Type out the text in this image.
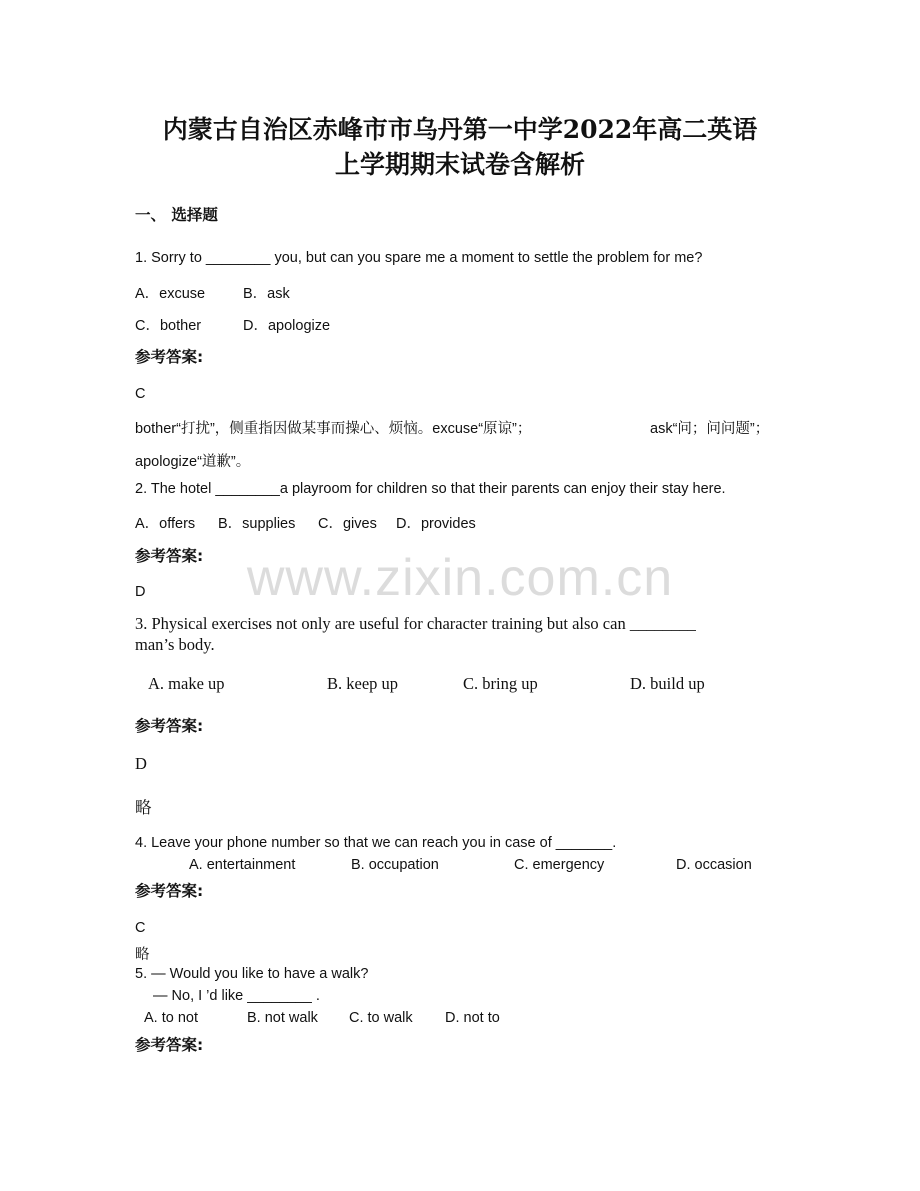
www.zixin.com.cn
内蒙古自治区赤峰市市乌丹第一中学2022年高二英语
上学期期末试卷含解析
一、 选择题
1. Sorry to ________ you, but can you spare me a moment to settle the problem for me?
A．excuse	B．ask
C．bother	D．apologize
参考答案:
C
bother“打扰”，侧重指因做某事而操心、烦恼。excuse“原谅”；	ask“问；问问题”；
apologize“道歉”。
2. The hotel ________a playroom for children so that their parents can enjoy their stay here.
A．offers B．supplies C．gives D．provides
参考答案:
D
3. Physical exercises not only are useful for character training but also can ________
man’s body.
A. make up	B. keep up	C. bring up	D. build up
参考答案:
D
略
4. Leave your phone number so that we can reach you in case of _______.
A. entertainment	B. occupation	C. emergency	D. occasion
参考答案:
C
略
5. — Would you like to have a walk?
— No, I ’d like ________ .
A. to not	B. not walk C. to walk D. not to
参考答案:
